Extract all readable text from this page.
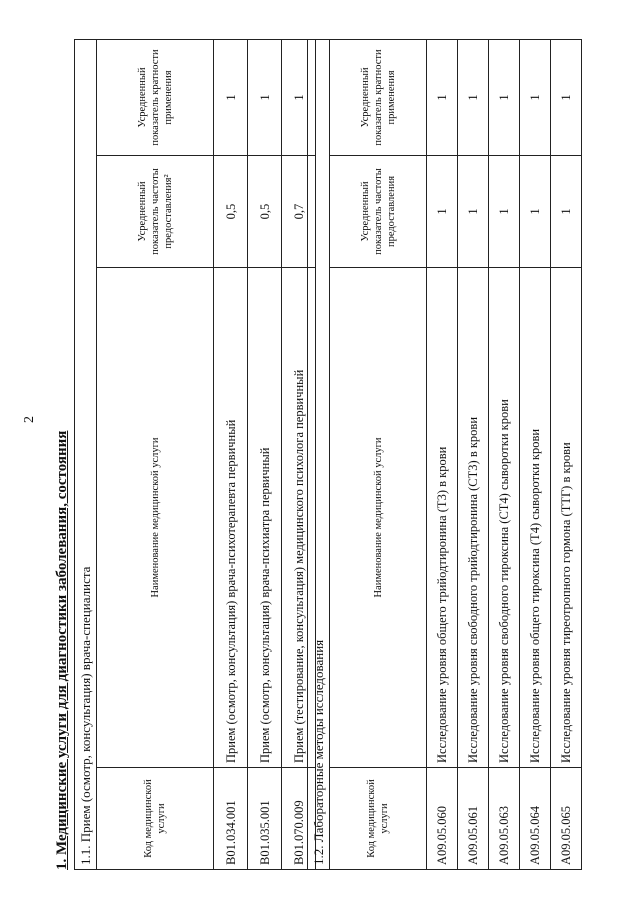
2
1. Медицинские услуги для диагностики заболевания, состояния 1.1. Прием (осмотр, консультация) врача-специалиста			
Код медицинской услуги	Наименование медицинской услуги	Усредненный показатель частоты предоставления²	Усредненный показатель кратности применения
B01.034.001	Прием (осмотр, консультация) врача-психотерапевта первичный	0,5	1
B01.035.001	Прием (осмотр, консультация) врача-психиатра первичный	0,5	1
B01.070.009	Прием (тестирование, консультация) медицинского психолога первичный	0,7	1
1.2. Лабораторные методы исследования			
Код медицинской услуги	Наименование медицинской услуги	Усредненный показатель частоты предоставления	Усредненный показатель кратности применения
A09.05.060	Исследование уровня общего трийодтиронина (Т3) в крови	1	1
A09.05.061	Исследование уровня свободного трийодтиронина (СТ3) в крови	1	1
A09.05.063	Исследование уровня свободного тироксина (СТ4) сыворотки крови	1	1
A09.05.064	Исследование уровня общего тироксина (Т4) сыворотки крови	1	1
A09.05.065	Исследование уровня тиреотропного гормона (ТТГ) в крови	1	1
